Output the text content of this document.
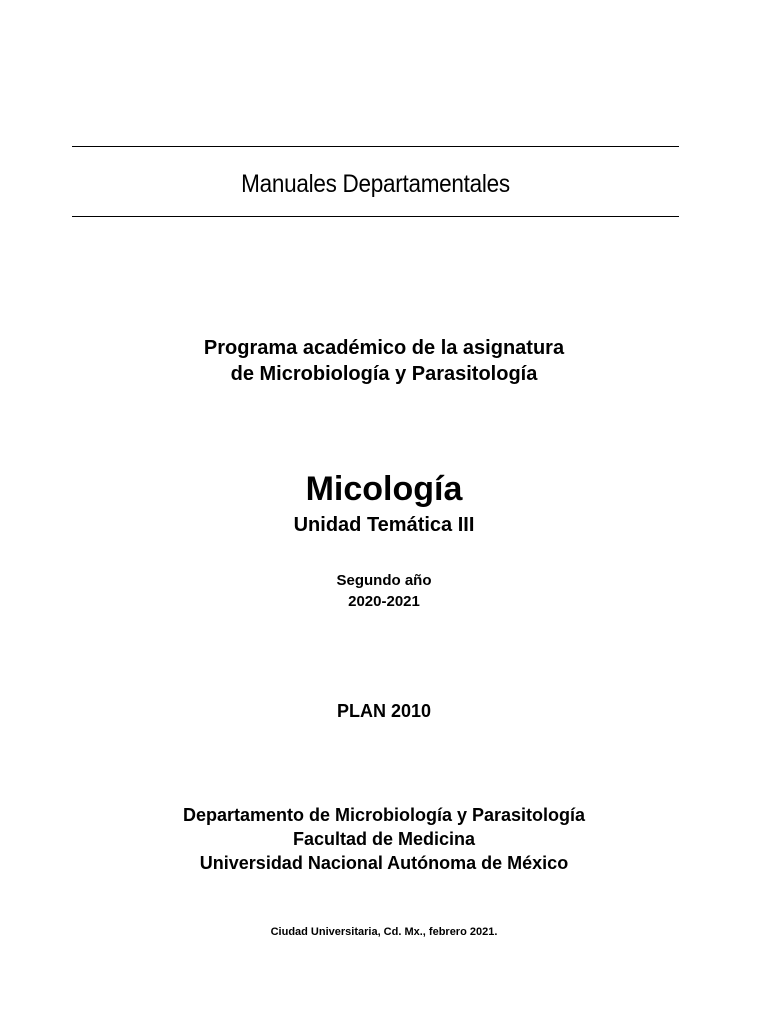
Manuales Departamentales
Programa académico de la asignatura
de Microbiología y Parasitología
Micología
Unidad Temática III
Segundo año
2020-2021
PLAN 2010
Departamento de Microbiología y Parasitología
Facultad de Medicina
Universidad Nacional Autónoma de México
Ciudad Universitaria, Cd. Mx., febrero 2021.
